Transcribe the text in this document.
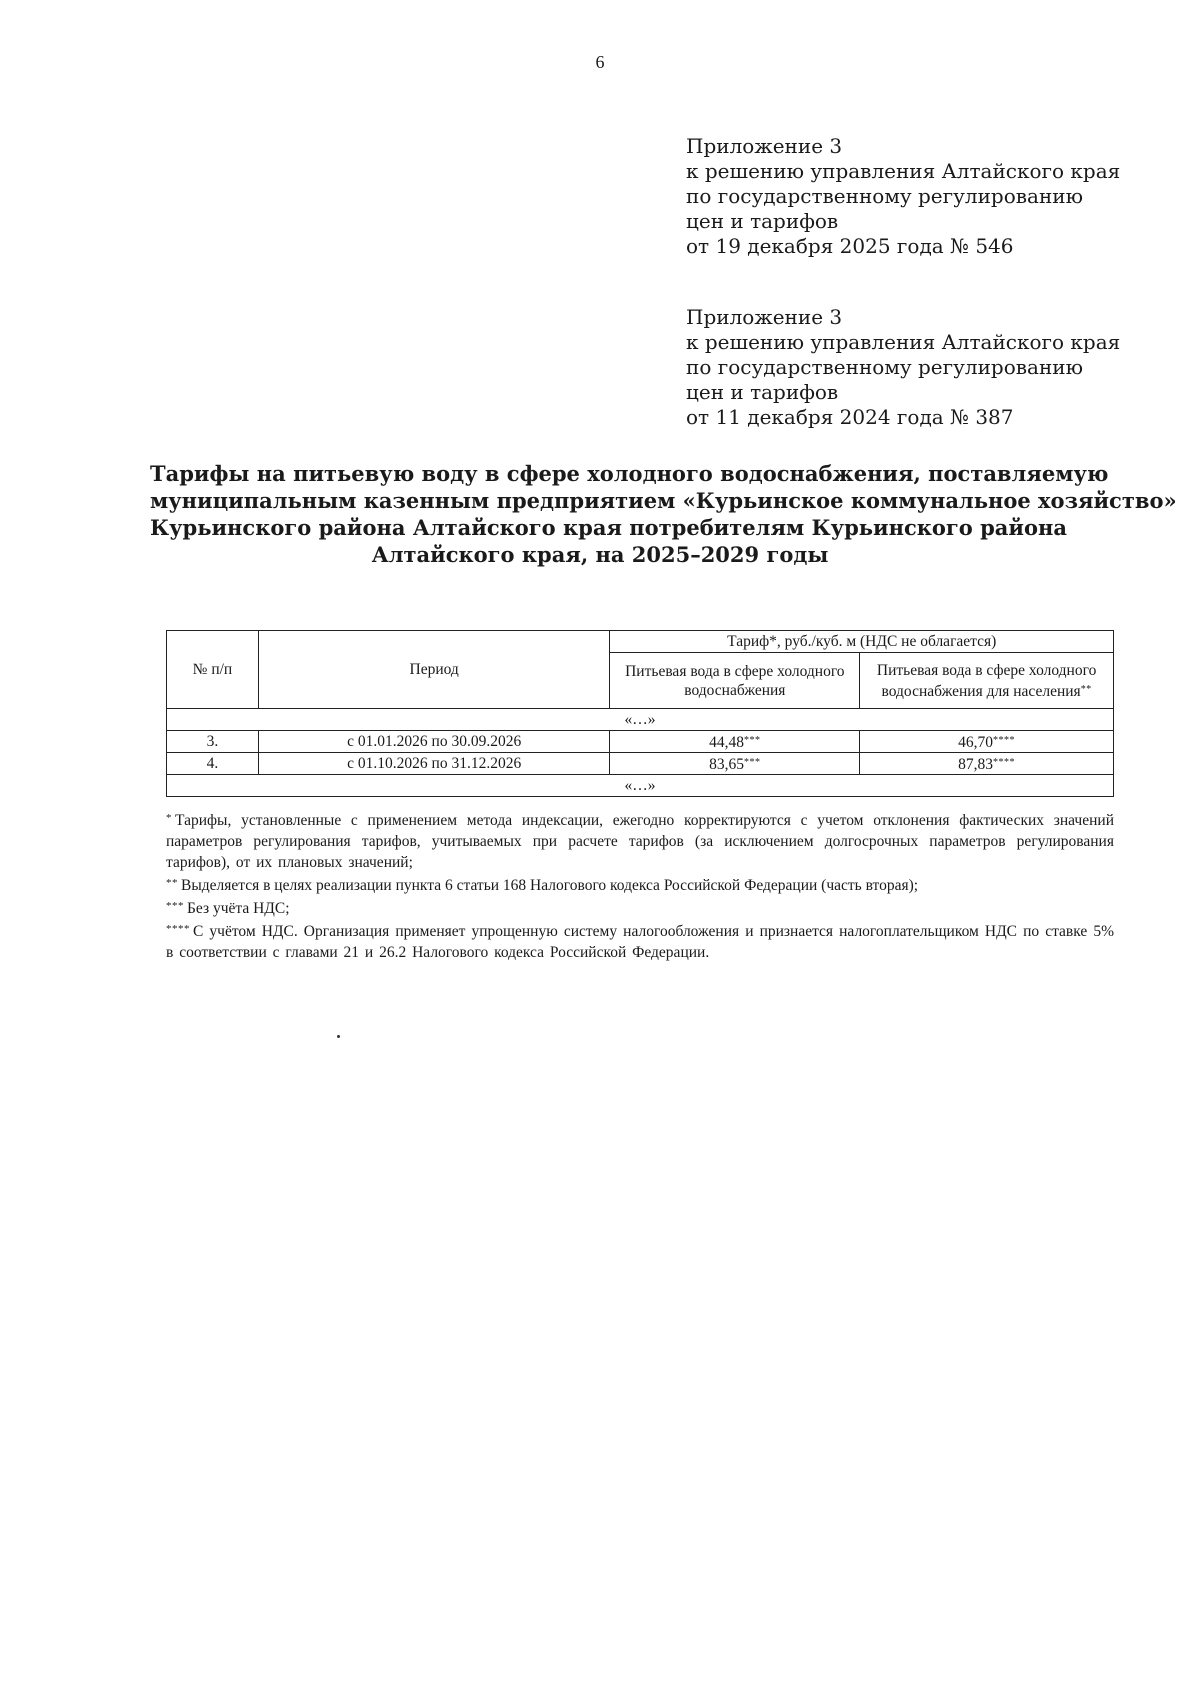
6
Приложение 3
к решению управления Алтайского края
по государственному регулированию
цен и тарифов
от 19 декабря 2025 года № 546
Приложение 3
к решению управления Алтайского края
по государственному регулированию
цен и тарифов
от 11 декабря 2024 года № 387
Тарифы на питьевую воду в сфере холодного водоснабжения, поставляемую
муниципальным казенным предприятием «Курьинское коммунальное хозяйство»
Курьинского района Алтайского края потребителям Курьинского района
Алтайского края, на 2025–2029 годы
№ п/п	Период	Тариф*, руб./куб. м (НДС не облагается)	
		Питьевая вода в сфере холодного водоснабжения	Питьевая вода в сфере холодного водоснабжения для населения**
«…»			
3.	с 01.01.2026 по 30.09.2026	44,48***	46,70****
4.	с 01.10.2026 по 31.12.2026	83,65***	87,83****
«…»			
* Тарифы, установленные с применением метода индексации, ежегодно корректируются с учетом отклонения фактических значений параметров регулирования тарифов, учитываемых при расчете тарифов (за исключением долгосрочных параметров регулирования тарифов), от их плановых значений;
** Выделяется в целях реализации пункта 6 статьи 168 Налогового кодекса Российской Федерации (часть вторая);
*** Без учёта НДС;
**** С учётом НДС. Организация применяет упрощенную систему налогообложения и признается налогоплательщиком НДС по ставке 5% в соответствии с главами 21 и 26.2 Налогового кодекса Российской Федерации.
